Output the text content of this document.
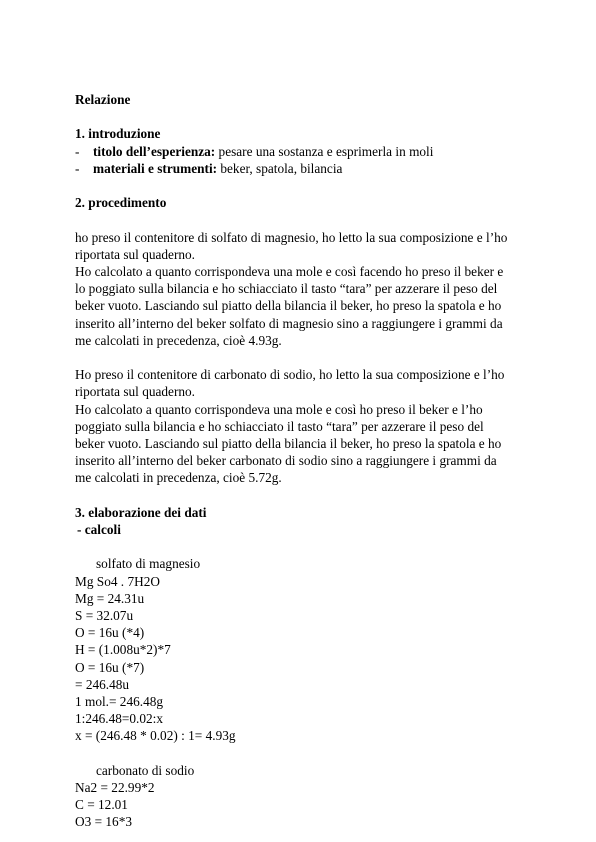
Relazione
1. introduzione
-	titolo dell’esperienza: pesare una sostanza e esprimerla in moli
-	materiali e strumenti: beker, spatola, bilancia
2. procedimento
ho preso il contenitore di solfato di magnesio, ho letto la sua composizione e l’ho
riportata sul quaderno.
Ho calcolato a quanto corrispondeva una mole e così facendo ho preso il beker e
lo poggiato sulla bilancia e ho schiacciato il tasto “tara” per azzerare il peso del
beker vuoto. Lasciando sul piatto della bilancia il beker, ho preso la spatola e ho
inserito all’interno del beker solfato di magnesio sino a raggiungere i grammi da
me calcolati in precedenza, cioè 4.93g.
Ho preso il contenitore di carbonato di sodio, ho letto la sua composizione e l’ho
riportata sul quaderno.
Ho calcolato a quanto corrispondeva una mole e così ho preso il beker e l’ho
poggiato sulla bilancia e ho schiacciato il tasto “tara” per azzerare il peso del
beker vuoto. Lasciando sul piatto della bilancia il beker, ho preso la spatola e ho
inserito all’interno del beker carbonato di sodio sino a raggiungere i grammi da
me calcolati in precedenza, cioè 5.72g.
3. elaborazione dei dati
- calcoli
solfato di magnesio
Mg So4 . 7H2O
Mg = 24.31u
S = 32.07u
O = 16u (*4)
H = (1.008u*2)*7
O = 16u (*7)
= 246.48u
1 mol.= 246.48g
1:246.48=0.02:x
x = (246.48 * 0.02) : 1= 4.93g
carbonato di sodio
Na2 = 22.99*2
C = 12.01
O3 = 16*3
